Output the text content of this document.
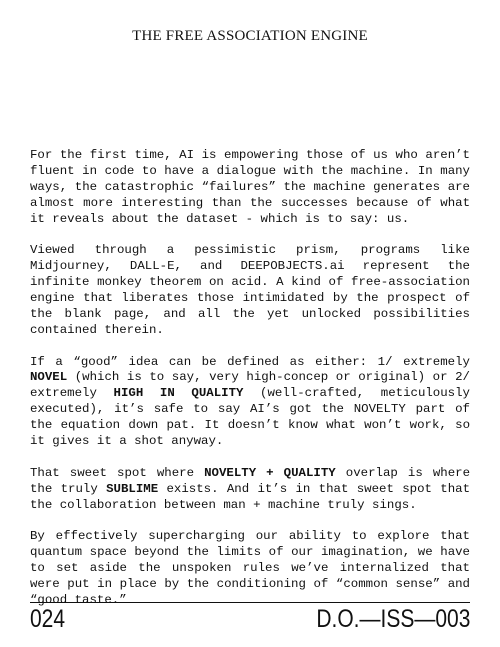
THE FREE ASSOCIATION ENGINE

For the first time, AI is empowering those of us who aren’t fluent in code to have a dialogue with the machine. In many ways, the catastrophic “failures” the machine generates are almost more interesting than the successes because of what it reveals about the dataset - which is to say: us.

Viewed through a pessimistic prism, programs like Midjourney, DALL-E, and DEEPOBJECTS.ai represent the infinite monkey theorem on acid. A kind of free-association engine that liberates those intimidated by the prospect of the blank page, and all the yet unlocked possibilities contained therein.

If a “good” idea can be defined as either: 1/ extremely NOVEL (which is to say, very high-concep or original) or 2/ extremely HIGH IN QUALITY (well-crafted, meticulously executed), it’s safe to say AI’s got the NOVELTY part of the equation down pat. It doesn’t know what won’t work, so it gives it a shot anyway.

That sweet spot where NOVELTY + QUALITY overlap is where the truly SUBLIME exists. And it’s in that sweet spot that the collaboration between man + machine truly sings.

By effectively supercharging our ability to explore that quantum space beyond the limits of our imagination, we have to set aside the unspoken rules we’ve internalized that were put in place by the conditioning of “common sense” and “good taste.”

024	D.O.—ISS—003
